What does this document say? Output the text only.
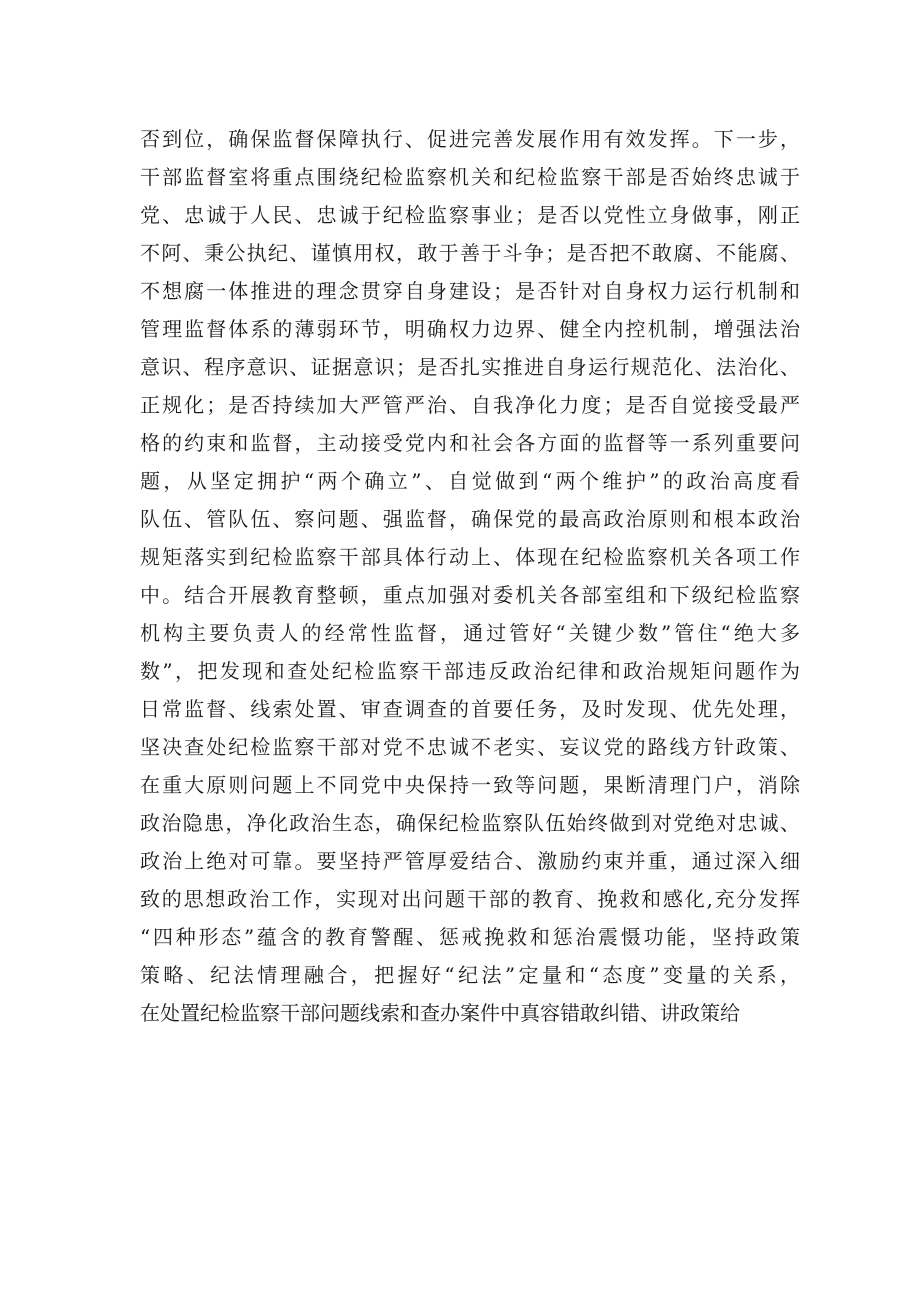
否到位，确保监督保障执行、促进完善发展作用有效发挥。下一步，
干部监督室将重点围绕纪检监察机关和纪检监察干部是否始终忠诚于
党、忠诚于人民、忠诚于纪检监察事业；是否以党性立身做事，刚正
不阿、秉公执纪、谨慎用权，敢于善于斗争；是否把不敢腐、不能腐、
不想腐一体推进的理念贯穿自身建设；是否针对自身权力运行机制和
管理监督体系的薄弱环节，明确权力边界、健全内控机制，增强法治
意识、程序意识、证据意识；是否扎实推进自身运行规范化、法治化、
正规化；是否持续加大严管严治、自我净化力度；是否自觉接受最严
格的约束和监督，主动接受党内和社会各方面的监督等一系列重要问
题，从坚定拥护“两个确立”、自觉做到“两个维护”的政治高度看
队伍、管队伍、察问题、强监督，确保党的最高政治原则和根本政治
规矩落实到纪检监察干部具体行动上、体现在纪检监察机关各项工作
中。结合开展教育整顿，重点加强对委机关各部室组和下级纪检监察
机构主要负责人的经常性监督，通过管好“关键少数”管住“绝大多
数”，把发现和查处纪检监察干部违反政治纪律和政治规矩问题作为
日常监督、线索处置、审查调查的首要任务，及时发现、优先处理，
坚决查处纪检监察干部对党不忠诚不老实、妄议党的路线方针政策、
在重大原则问题上不同党中央保持一致等问题，果断清理门户，消除
政治隐患，净化政治生态，确保纪检监察队伍始终做到对党绝对忠诚、
政治上绝对可靠。要坚持严管厚爱结合、激励约束并重，通过深入细
致的思想政治工作，实现对出问题干部的教育、挽救和感化,充分发挥
“四种形态”蕴含的教育警醒、惩戒挽救和惩治震慑功能，坚持政策
策略、纪法情理融合，把握好“纪法”定量和“态度”变量的关系，
在处置纪检监察干部问题线索和查办案件中真容错敢纠错、讲政策给
